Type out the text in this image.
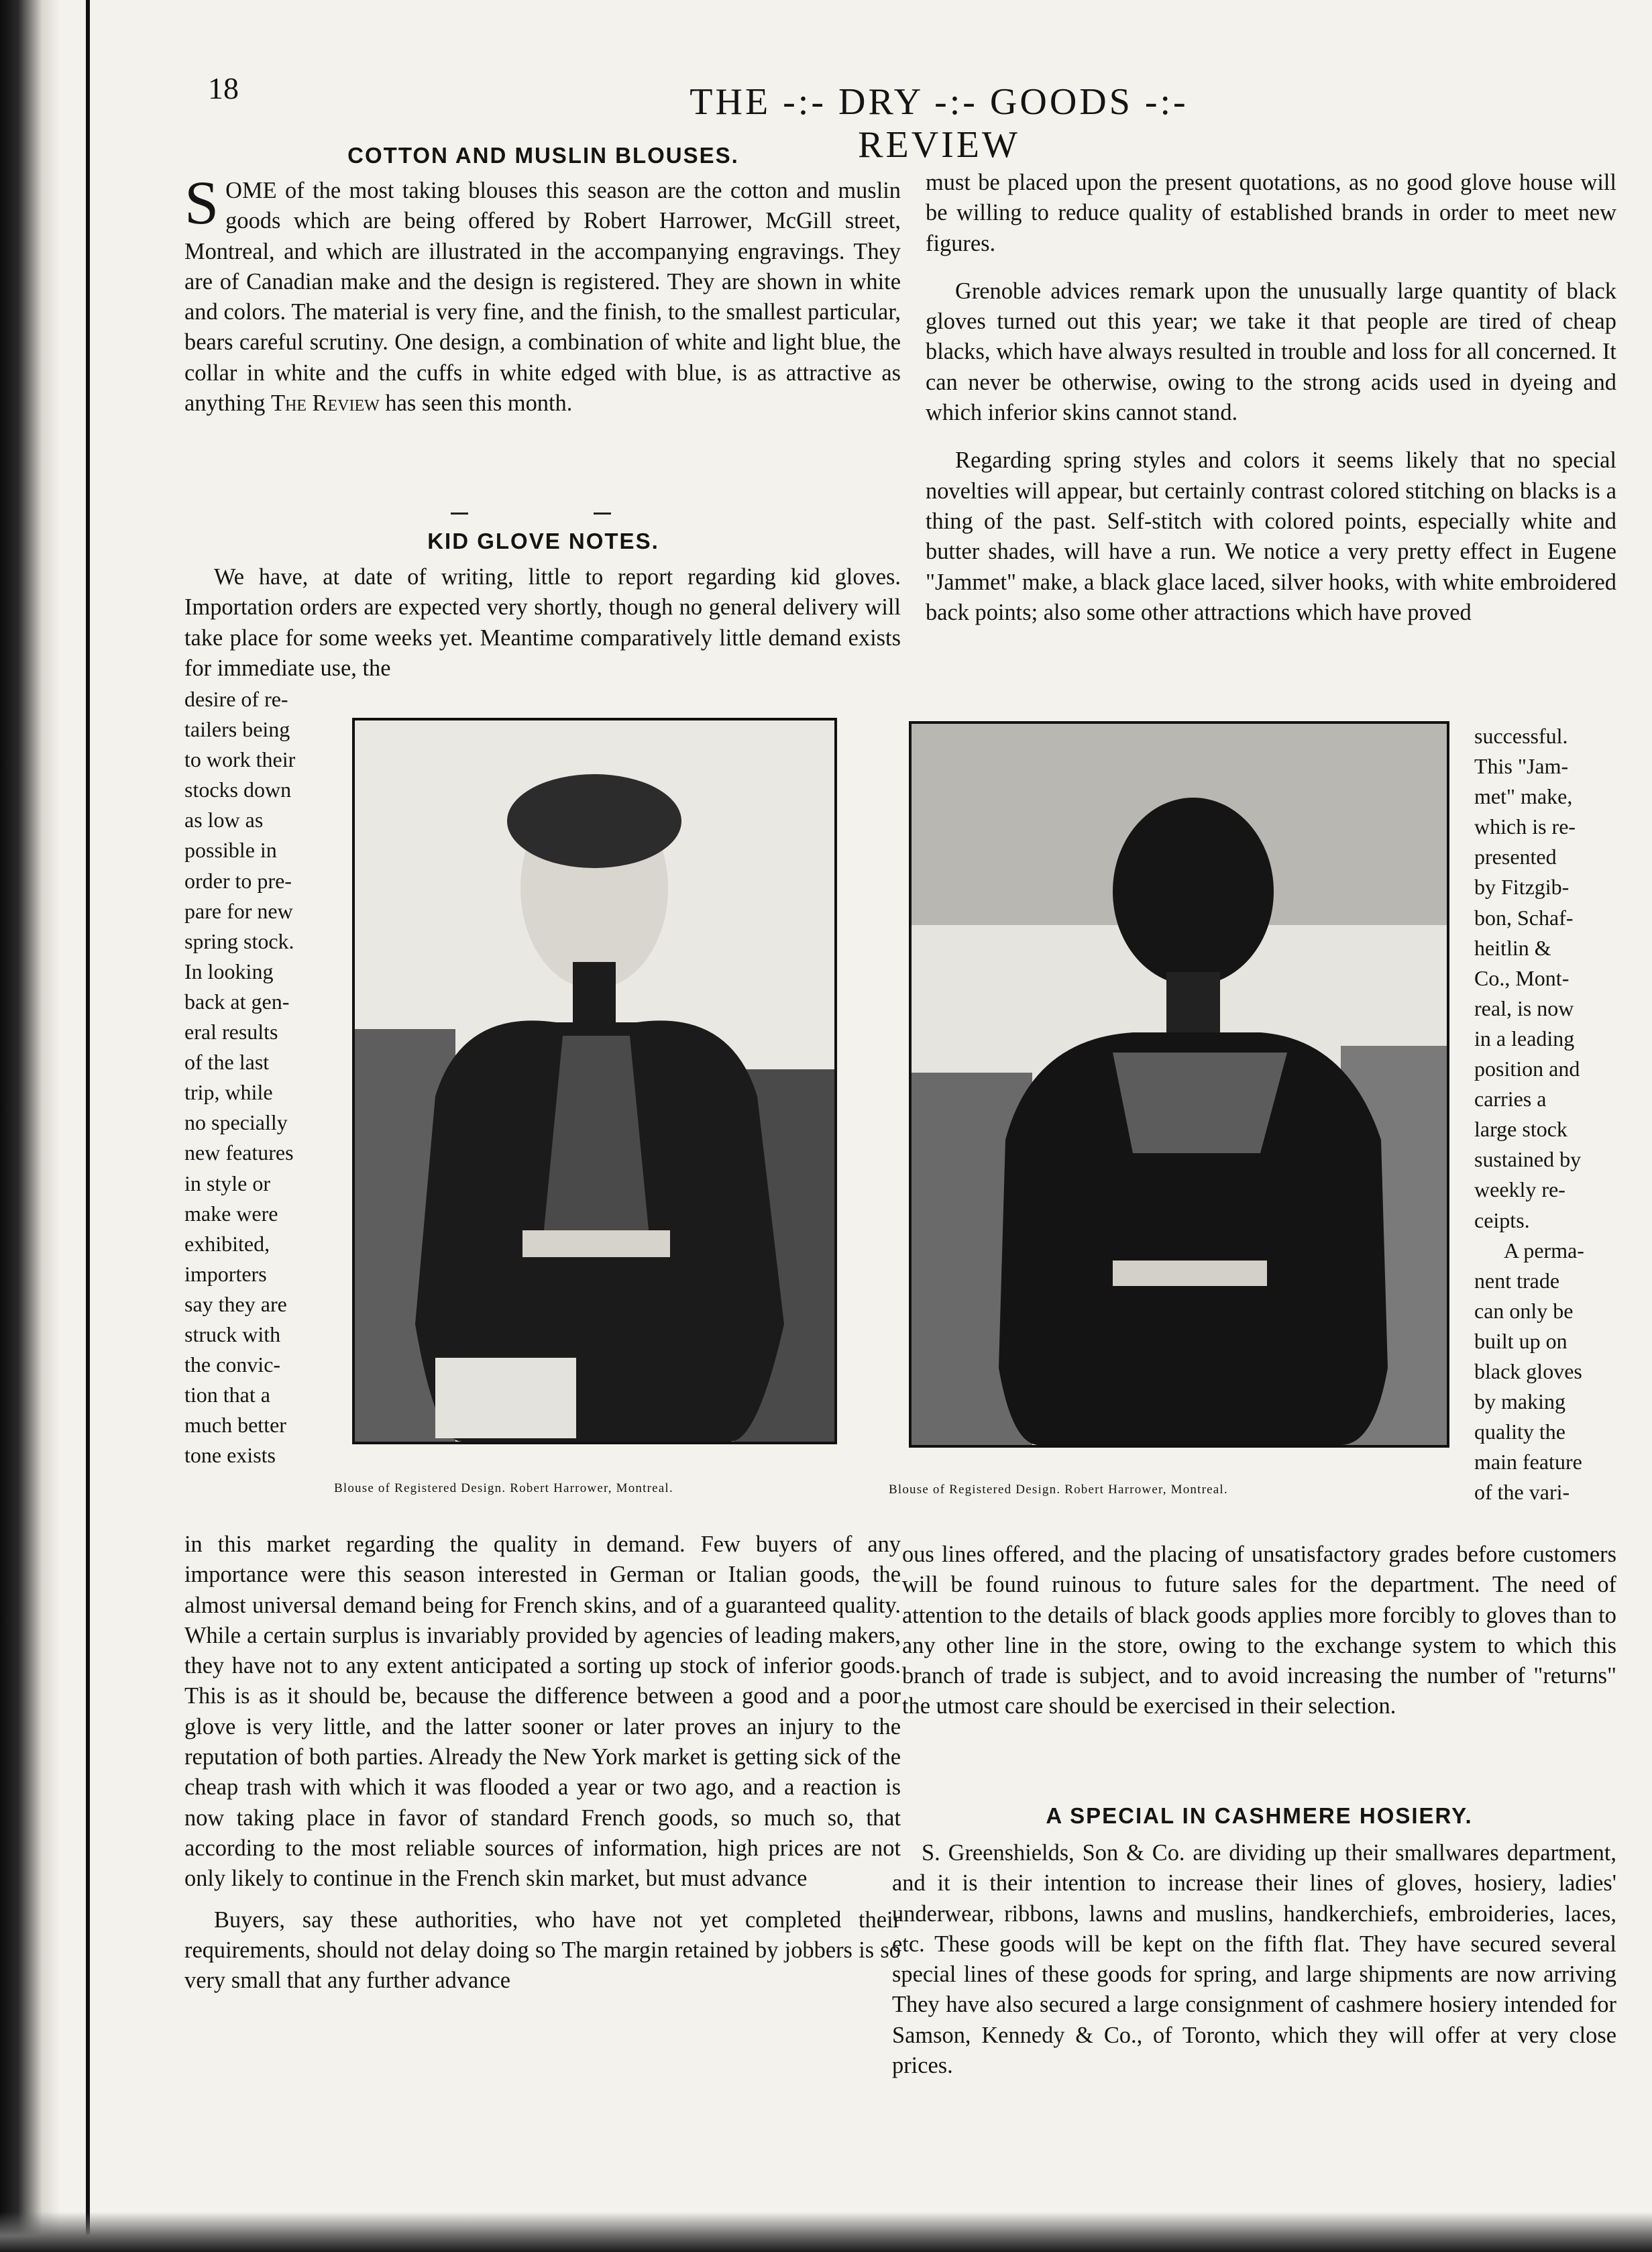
18	THE -:- DRY -:- GOODS -:- REVIEW
COTTON AND MUSLIN BLOUSES.

SOME of the most taking blouses this season are the cotton and muslin goods which are being offered by Robert Harrower, McGill street, Montreal, and which are illustrated in the accompanying engravings. They are of Canadian make and the design is registered. They are shown in white and colors. The material is very fine, and the finish, to the smallest particular, bears careful scrutiny. One design, a combination of white and light blue, the collar in white and the cuffs in white edged with blue, is as attractive as anything The Review has seen this month.

KID GLOVE NOTES.

We have, at date of writing, little to report regarding kid gloves. Importation orders are expected very shortly, though no general delivery will take place for some weeks yet. Meantime comparatively little demand exists for immediate use, the

desire of re-

tailers being

to work their

stocks down

as low as

possible in

order to pre-

pare for new

spring stock.

In looking

back at gen-

eral results

of the last

trip, while

no specially

new features

in style or

make were

exhibited,

importers

say they are

struck with

the convic-

tion that a

much better

tone exists

in this market regarding the quality in demand. Few buyers of any importance were this season interested in German or Italian goods, the almost universal demand being for French skins, and of a guaranteed quality. While a certain surplus is invariably provided by agencies of leading makers, they have not to any extent anticipated a sorting up stock of inferior goods. This is as it should be, because the difference between a good and a poor glove is very little, and the latter sooner or later proves an injury to the reputation of both parties. Already the New York market is getting sick of the cheap trash with which it was flooded a year or two ago, and a reaction is now taking place in favor of standard French goods, so much so, that according to the most reliable sources of information, high prices are not only likely to continue in the French skin market, but must advance

Buyers, say these authorities, who have not yet completed their requirements, should not delay doing so The margin retained by jobbers is so very small that any further advance

Blouse of Registered Design. Robert Harrower, Montreal.	Blouse of Registered Design. Robert Harrower, Montreal.

must be placed upon the present quotations, as no good glove house will be willing to reduce quality of established brands in order to meet new figures.

Grenoble advices remark upon the unusually large quantity of black gloves turned out this year; we take it that people are tired of cheap blacks, which have always resulted in trouble and loss for all concerned. It can never be otherwise, owing to the strong acids used in dyeing and which inferior skins cannot stand.

Regarding spring styles and colors it seems likely that no special novelties will appear, but certainly contrast colored stitching on blacks is a thing of the past. Self-stitch with colored points, especially white and butter shades, will have a run. We notice a very pretty effect in Eugene "Jammet" make, a black glace laced, silver hooks, with white embroidered back points; also some other attractions which have proved

successful.

This "Jam-

met" make,

which is re-

presented

by Fitzgib-

bon, Schaf-

heitlin &

Co., Mont-

real, is now

in a leading

position and

carries a

large stock

sustained by

weekly re-

ceipts.

A perma-

nent trade

can only be

built up on

black gloves

by making

quality the

main feature

of the vari-

ous lines offered, and the placing of unsatisfactory grades before customers will be found ruinous to future sales for the department. The need of attention to the details of black goods applies more forcibly to gloves than to any other line in the store, owing to the exchange system to which this branch of trade is subject, and to avoid increasing the number of "returns" the utmost care should be exercised in their selection.

A SPECIAL IN CASHMERE HOSIERY.

S. Greenshields, Son & Co. are dividing up their smallwares department, and it is their intention to increase their lines of gloves, hosiery, ladies' underwear, ribbons, lawns and muslins, handkerchiefs, embroideries, laces, etc. These goods will be kept on the fifth flat. They have secured several special lines of these goods for spring, and large shipments are now arriving They have also secured a large consignment of cashmere hosiery intended for Samson, Kennedy & Co., of Toronto, which they will offer at very close prices.
